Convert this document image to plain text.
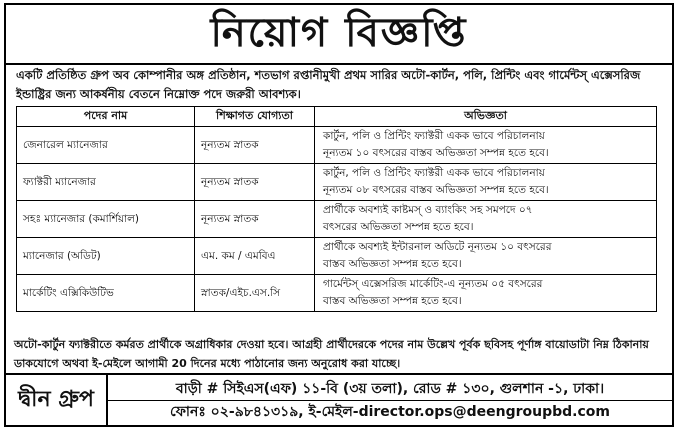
নিয়োগ বিজ্ঞপ্তি
একটি প্রতিষ্ঠিত গ্রুপ অব কোম্পানীর অঙ্গ প্রতিষ্ঠান, শতভাগ রপ্তানীমুখী প্রথম সারির অটো-কার্টন, পলি, প্রিন্টিং এবং গার্মেন্টস্ এক্সেসরিজ ইন্ডাষ্ট্রির জন্য আকর্ষনীয় বেতনে নিম্নোক্ত পদে জরুরী আবশ্যক।
পদের নাম	শিক্ষাগত যোগ্যতা	অভিজ্ঞতা
জেনারেল ম্যানেজার	নূন্যতম স্নাতক	কার্টুন, পলি ও প্রিন্টিং ফ্যাক্টরী একক ভাবে পরিচালনায়
নূন্যতম ১০ বৎসরের বাস্তব অভিজ্ঞতা সম্পন্ন হতে হবে।

ফ্যাক্টরী ম্যানেজার	নূন্যতম স্নাতক	কার্টুন, পলি ও প্রিন্টিং ফ্যাক্টরী একক ভাবে পরিচালনায়
নূন্যতম ০৮ বৎসরের বাস্তব অভিজ্ঞতা সম্পন্ন হতে হবে।

সহঃ ম্যানেজার (কমার্শিয়াল)	নূন্যতম স্নাতক	প্রার্থীকে অবশ্যই কাষ্টমস্ ও ব্যাংকিং সহ সমপদে ০৭
বৎসরের অভিজ্ঞতা সম্পন্ন হতে হবে।

ম্যানেজার (অডিট)	এম. কম / এমবিএ	প্রার্থীকে অবশ্যই ইন্টারনাল অডিটে নূন্যতম ১০ বৎসরের
বাস্তব অভিজ্ঞতা সম্পন্ন হতে হবে।

মার্কেটিং এক্সিকিউটিভ	স্নাতক/এইচ.এস.সি	গার্মেন্টস্ এক্সেসরিজ মার্কেটিং-এ নূন্যতম ০৫ বৎসরের
বাস্তব অভিজ্ঞতা সম্পন্ন হতে হবে।
অটো-কার্টুন ফ্যাক্টরীতে কর্মরত প্রার্থীকে অগ্রাধিকার দেওয়া হবে। আগ্রহী প্রার্থীদেরকে পদের নাম উল্লেখ পূর্বক ছবিসহ পূর্ণাঙ্গ বায়োডাটা নিম্ন ঠিকানায় ডাকযোগে অথবা ই-মেইলে আগামী 20 দিনের মধ্যে পাঠানোর জন্য অনুরোধ করা যাচ্ছে।
দ্বীন গ্রুপ	বাড়ী # সিইএস(এফ) ১১-বি (৩য় তলা), রোড # ১৩০, গুলশান -১, ঢাকা।
ফোনঃ ০২-৯৮৪১৩১৯, ই-মেইল-director.ops@deengroupbd.com
